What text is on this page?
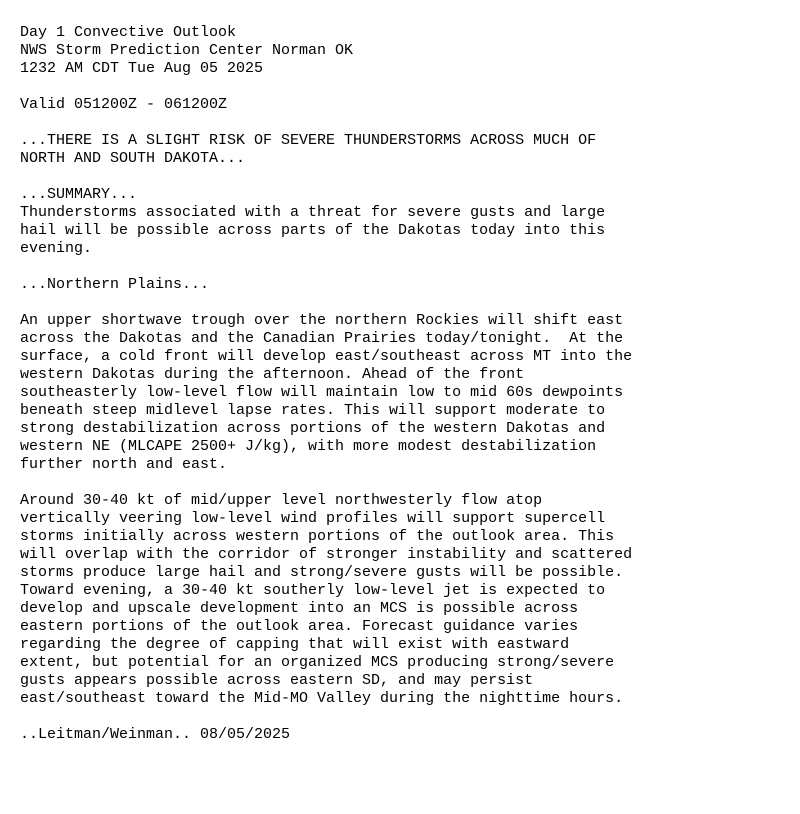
Day 1 Convective Outlook
NWS Storm Prediction Center Norman OK
1232 AM CDT Tue Aug 05 2025
Valid 051200Z - 061200Z
...THERE IS A SLIGHT RISK OF SEVERE THUNDERSTORMS ACROSS MUCH OF
NORTH AND SOUTH DAKOTA...
...SUMMARY...
Thunderstorms associated with a threat for severe gusts and large
hail will be possible across parts of the Dakotas today into this
evening.
...Northern Plains...
An upper shortwave trough over the northern Rockies will shift east
across the Dakotas and the Canadian Prairies today/tonight.  At the
surface, a cold front will develop east/southeast across MT into the
western Dakotas during the afternoon. Ahead of the front
southeasterly low-level flow will maintain low to mid 60s dewpoints
beneath steep midlevel lapse rates. This will support moderate to
strong destabilization across portions of the western Dakotas and
western NE (MLCAPE 2500+ J/kg), with more modest destabilization
further north and east.
Around 30-40 kt of mid/upper level northwesterly flow atop
vertically veering low-level wind profiles will support supercell
storms initially across western portions of the outlook area. This
will overlap with the corridor of stronger instability and scattered
storms produce large hail and strong/severe gusts will be possible.
Toward evening, a 30-40 kt southerly low-level jet is expected to
develop and upscale development into an MCS is possible across
eastern portions of the outlook area. Forecast guidance varies
regarding the degree of capping that will exist with eastward
extent, but potential for an organized MCS producing strong/severe
gusts appears possible across eastern SD, and may persist
east/southeast toward the Mid-MO Valley during the nighttime hours.
..Leitman/Weinman.. 08/05/2025
